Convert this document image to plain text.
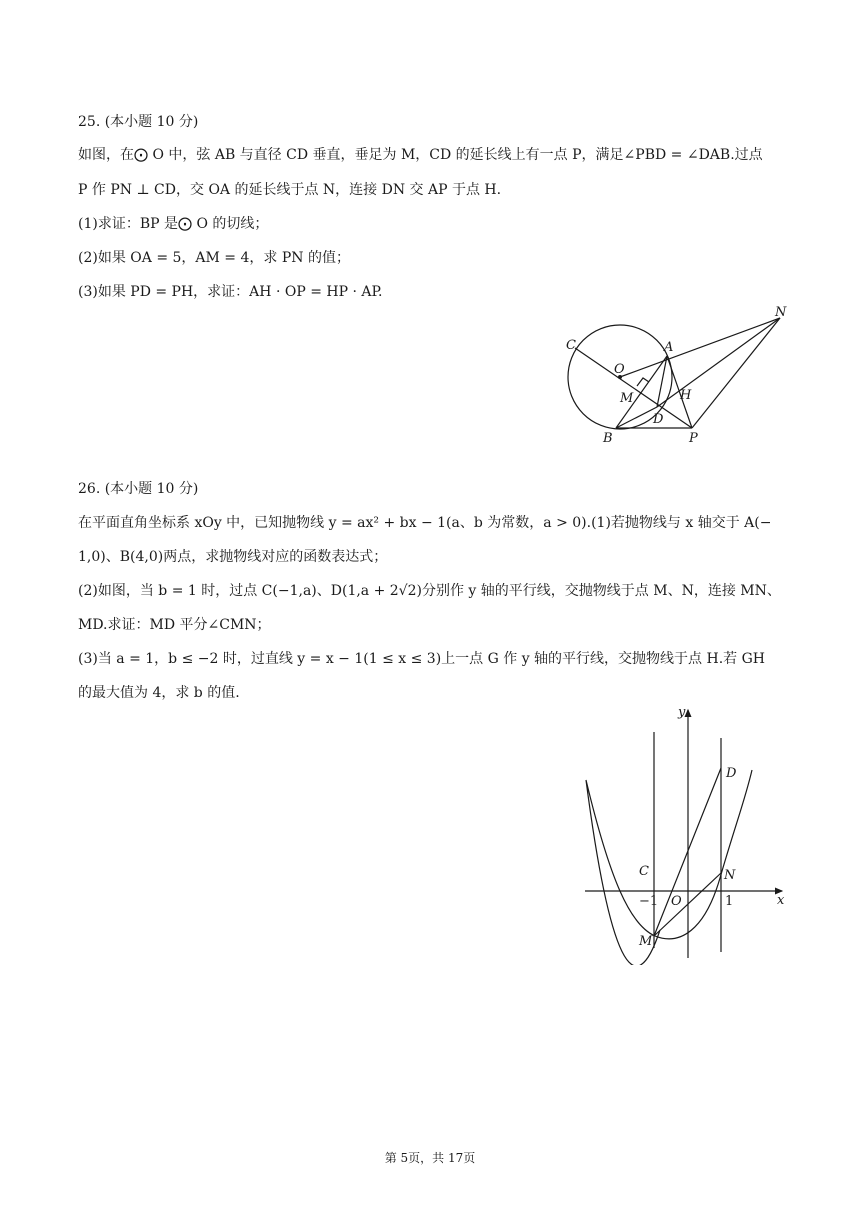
25. (本小题 10 分)
如图，在⨀ O 中，弦 AB 与直径 CD 垂直，垂足为 M，CD 的延长线上有一点 P，满足∠PBD = ∠DAB.过点
P 作 PN ⊥ CD，交 OA 的延长线于点 N，连接 DN 交 AP 于点 H.
(1)求证：BP 是⨀ O 的切线；
(2)如果 OA = 5，AM = 4，求 PN 的值；
(3)如果 PD = PH，求证：AH · OP = HP · AP.
C
O
A
M
D
H
B	P
N
26. (本小题 10 分)
在平面直角坐标系 xOy 中，已知抛物线 y = ax² + bx − 1(a、b 为常数，a > 0).(1)若抛物线与 x 轴交于 A(−
1,0)、B(4,0)两点，求抛物线对应的函数表达式；
(2)如图，当 b = 1 时，过点 C(−1,a)、D(1,a + 2√2)分别作 y 轴的平行线，交抛物线于点 M、N，连接 MN、
MD.求证：MD 平分∠CMN；
(3)当 a = 1，b ≤ −2 时，过直线 y = x − 1(1 ≤ x ≤ 3)上一点 G 作 y 轴的平行线，交抛物线于点 H.若 GH
的最大值为 4，求 b 的值.
y
x
O
C
D
N
M
−1	1
第 5页，共 17页
